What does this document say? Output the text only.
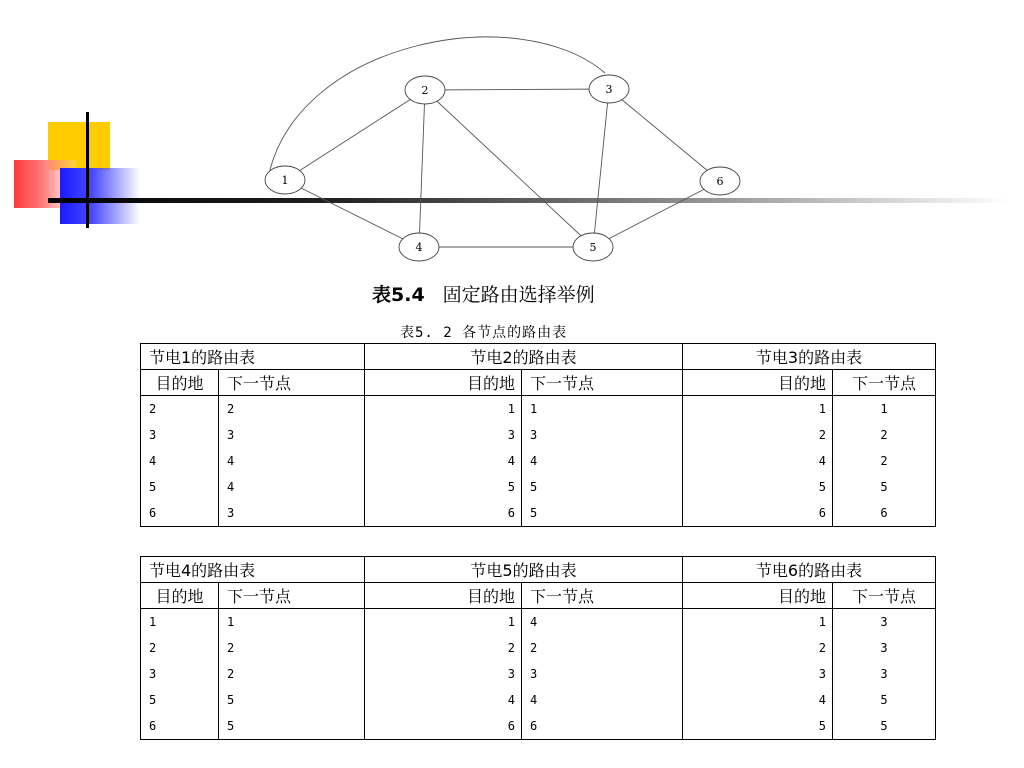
1
2	3
4	5
6
表5.4 固定路由选择举例
表5. 2 各节点的路由表
节电1的路由表		节电2的路由表		节电3的路由表	
目的地	下一节点	目的地	下一节点	目的地	下一节点
2	2	1	1	1	1
3	3	3	3	2	2
4	4	4	4	4	2
5	4	5	5	5	5
6	3	6	5	6	6
节电4的路由表		节电5的路由表		节电6的路由表	
目的地	下一节点	目的地	下一节点	目的地	下一节点
1	1	1	4	1	3
2	2	2	2	2	3
3	2	3	3	3	3
5	5	4	4	4	5
6	5	6	6	5	5
